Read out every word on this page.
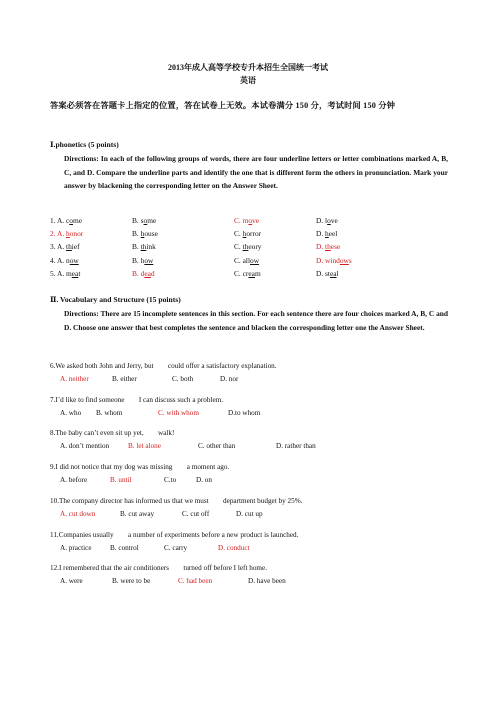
2013年成人高等学校专升本招生全国统一考试
英语
答案必须答在答题卡上指定的位置，答在试卷上无效。本试卷满分 150 分，考试时间 150 分钟
Ⅰ.phonetics (5 points)
Directions: In each of the following groups of words, there are four underline letters or letter combinations marked A, B, C, and D. Compare the underline parts and identify the one that is different form the others in pronunciation. Mark your answer by blackening the corresponding letter on the Answer Sheet.
1. A. come	B. some	C. move	D. love
2. A. honor	B. house	C. horror	D. heel
3. A. thief	B. think	C. theory	D. these
4. A. now	B. how	C. allow	D. windows
5. A. meat	B. dead	C. cream	D. steal
Ⅱ. Vocabulary and Structure (15 points)
Directions: There are 15 incomplete sentences in this section. For each sentence there are four choices marked A, B, C and D. Choose one answer that best completes the sentence and blacken the corresponding letter one the Answer Sheet.
6.We asked both John and Jerry, but        could offer a satisfactory explanation.
A. neither	B. either	C. both	D. nor
7.I’d like to find someone        I can discuss such a problem.
A. who B. whom	C. with whom	D.to whom
8.The baby can’t even sit up yet,        walk!
A. don’t mention	B. let alone	C. other than	D. rather than
9.I did not notice that my dog was missing        a moment ago.
A. before	B. until	C.to	D. on
10.The company director has informed us that we must        department budget by 25%.
A. cut down	B. cut away	C. cut off	D. cut up
11.Companies usually        a number of experiments before a new product is launched.
A. practice	B. control	C. carry	D. conduct
12.I remembered that the air conditioners        turned off before I left home.
A. were	B. were to be	C. had been	D. have been
